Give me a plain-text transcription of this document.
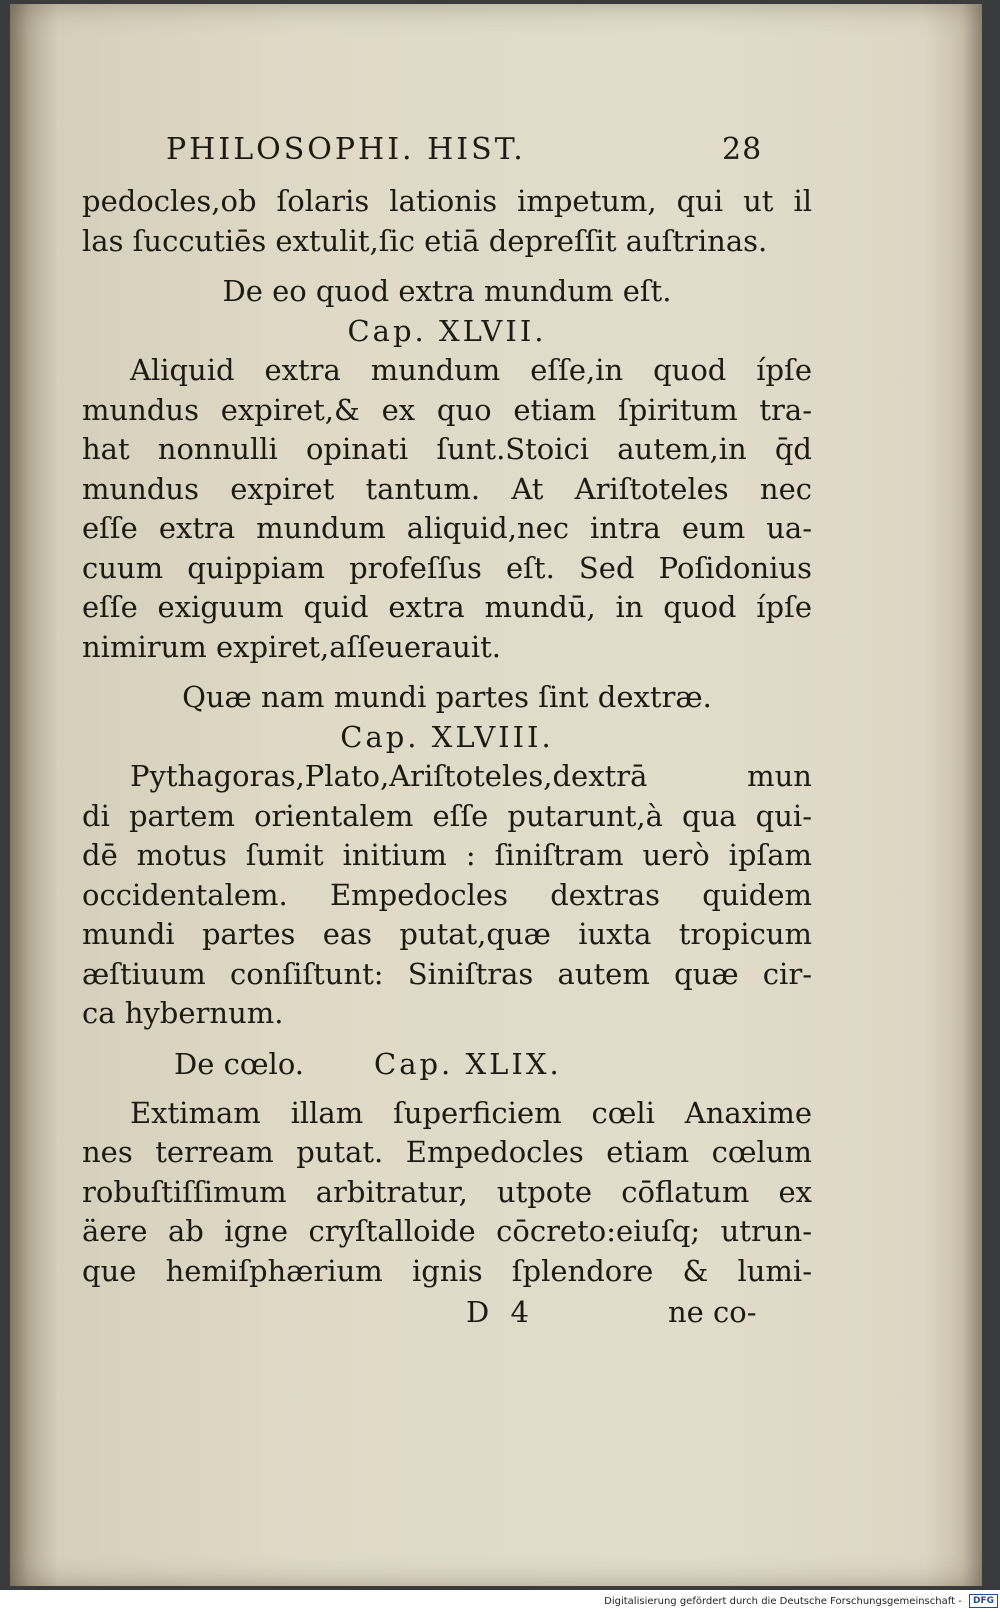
PHILOSOPHI. HIST.	28
pedocles,ob ſolaris lationis impetum, qui ut il
las ſuccutiēs extulit,ſic etiā depreſſit auſtrinas.
De eo quod extra mundum eſt.
Cap. XLVII.
Aliquid extra mundum eſſe,in quod ípſe
mundus expiret,& ex quo etiam ſpiritum tra-
hat nonnulli opinati ſunt.Stoici autem,in q̄d
mundus expiret tantum. At Ariſtoteles nec
eſſe extra mundum aliquid,nec intra eum ua-
cuum quippiam profeſſus eſt. Sed Poſidonius
eſſe exiguum quid extra mundū, in quod ípſe
nimirum expiret,aſſeuerauit.
Quæ nam mundi partes ſint dextræ.
Cap. XLVIII.
Pythagoras,Plato,Ariſtoteles,dextrā mun
di partem orientalem eſſe putarunt,à qua qui-
dē motus ſumit initium : ſiniſtram uerò ipſam
occidentalem. Empedocles dextras quidem
mundi partes eas putat,quæ iuxta tropicum
æſtiuum conſiſtunt: Siniſtras autem quæ cir-
ca hybernum.
De cœlo. Cap. XLIX.
Extimam illam ſuperficiem cœli Anaxime
nes terream putat. Empedocles etiam cœlum
robuſtiſſimum arbitratur, utpote cōflatum ex
äere ab igne cryſtalloide cōcreto:eiuſq; utrun-
que hemiſphærium ignis ſplendore & lumi-
D 4	ne co-
Digitalisierung gefördert durch die Deutsche Forschungsgemeinschaft - DFG
